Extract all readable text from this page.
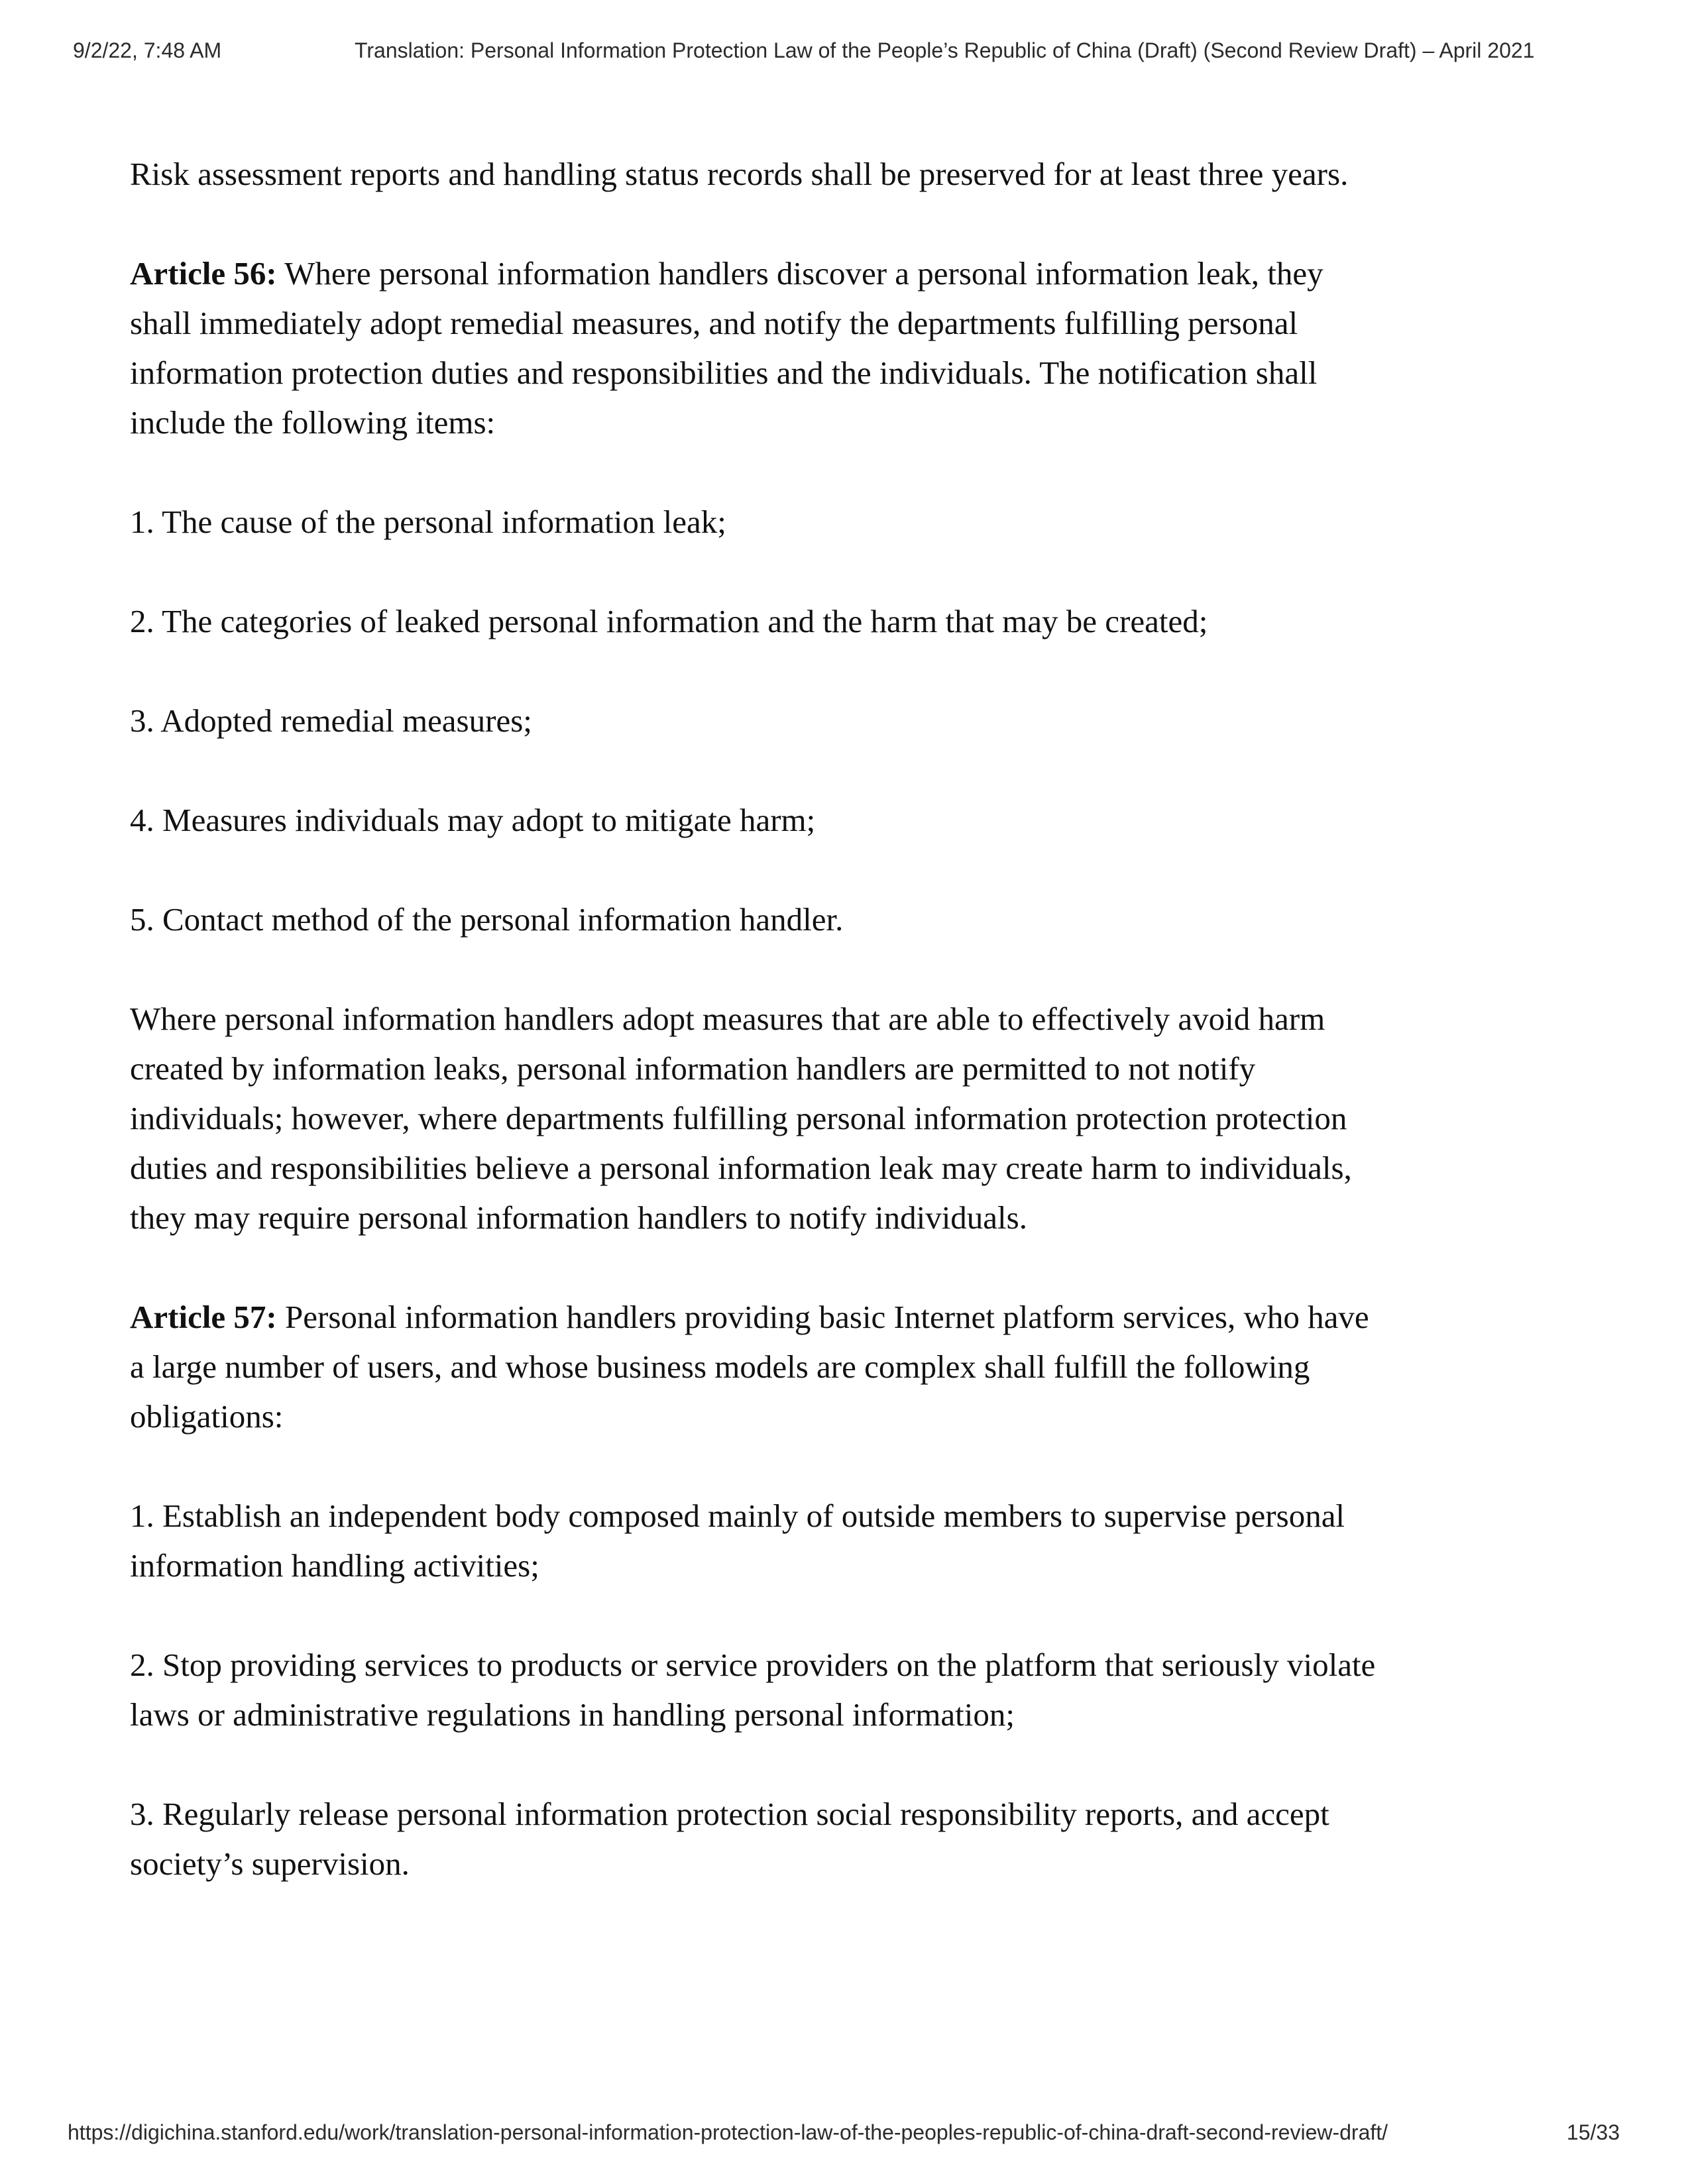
9/2/22, 7:48 AM	Translation: Personal Information Protection Law of the People’s Republic of China (Draft) (Second Review Draft) – April 2021
Risk assessment reports and handling status records shall be preserved for at least three years.
Article 56: Where personal information handlers discover a personal information leak, they
shall immediately adopt remedial measures, and notify the departments fulfilling personal
information protection duties and responsibilities and the individuals. The notification shall
include the following items:
1. The cause of the personal information leak;
2. The categories of leaked personal information and the harm that may be created;
3. Adopted remedial measures;
4. Measures individuals may adopt to mitigate harm;
5. Contact method of the personal information handler.
Where personal information handlers adopt measures that are able to effectively avoid harm
created by information leaks, personal information handlers are permitted to not notify
individuals; however, where departments fulfilling personal information protection protection
duties and responsibilities believe a personal information leak may create harm to individuals,
they may require personal information handlers to notify individuals.
Article 57: Personal information handlers providing basic Internet platform services, who have
a large number of users, and whose business models are complex shall fulfill the following
obligations:
1. Establish an independent body composed mainly of outside members to supervise personal
information handling activities;
2. Stop providing services to products or service providers on the platform that seriously violate
laws or administrative regulations in handling personal information;
3. Regularly release personal information protection social responsibility reports, and accept
society’s supervision.
https://digichina.stanford.edu/work/translation-personal-information-protection-law-of-the-peoples-republic-of-china-draft-second-review-draft/	15/33
